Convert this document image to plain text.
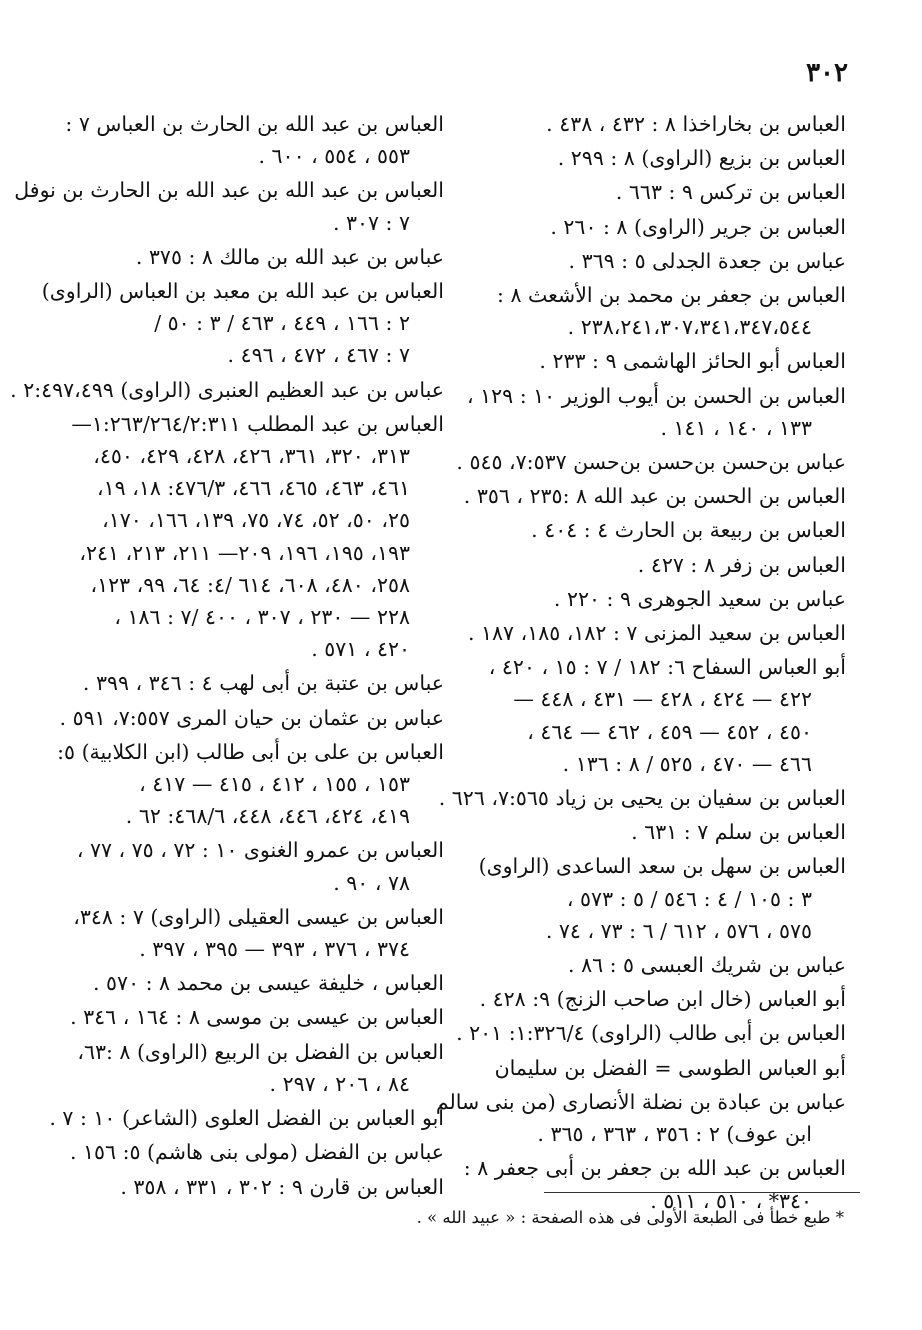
٣٠٢

العباس بن بخاراخذا ٨ : ٤٣٢ ، ٤٣٨ .

العباس بن بزيع (الراوى) ٨ : ٢٩٩ .

العباس بن تركس ٩ : ٦٦٣ .

العباس بن جرير (الراوى) ٨ : ٢٦٠ .

عباس بن جعدة الجدلى ٥ : ٣٦٩ .

العباس بن جعفر بن محمد بن الأشعث ٨ :
٢٣٨،٢٤١،٣٠٧،٣٤١،٣٤٧،٥٤٤ .

العباس أبو الحائز الهاشمى ٩ : ٢٣٣ .

العباس بن الحسن بن أيوب الوزير ١٠ : ١٢٩ ،
١٣٣ ، ١٤٠ ، ١٤١ .

عباس بن‌حسن بن‌حسن بن‌حسن ٧:٥٣٧، ٥٤٥ .

العباس بن الحسن بن عبد الله ٨ :٢٣٥ ، ٣٥٦ .

العباس بن ربيعة بن الحارث ٤ : ٤٠٤ .

العباس بن زفر ٨ : ٤٢٧ .

عباس بن سعيد الجوهرى ٩ : ٢٢٠ .

العباس بن سعيد المزنى ٧ : ١٨٢، ١٨٥، ١٨٧ .

أبو العباس السفاح ٦: ١٨٢ / ٧ : ١٥ ، ٤٢٠ ،
٤٢٢ — ٤٢٤ ، ٤٢٨ — ٤٣١ ، ٤٤٨ —
٤٥٠ ، ٤٥٢ — ٤٥٩ ، ٤٦٢ — ٤٦٤ ،
٤٦٦ — ٤٧٠ ، ٥٢٥ / ٨ : ١٣٦ .

العباس بن سفيان بن يحيى بن زياد ٧:٥٦٥، ٦٢٦ .

العباس بن سلم ٧ : ٦٣١ .

العباس بن سهل بن سعد الساعدى (الراوى)
٣ : ١٠٥ / ٤ : ٥٤٦ / ٥ : ٥٧٣ ،
٥٧٥ ، ٥٧٦ ، ٦١٢ / ٦ : ٧٣ ، ٧٤ .

عباس بن شريك العبسى ٥ : ٨٦ .

أبو العباس (خال ابن صاحب الزنج) ٩: ٤٢٨ .

العباس بن أبى طالب (الراوى) ١:٣٢٦/٤: ٢٠١ .

أبو العباس الطوسى = الفضل بن سليمان

عباس بن عبادة بن نضلة الأنصارى (من بنى سالم
ابن عوف) ٢ : ٣٥٦ ، ٣٦٣ ، ٣٦٥ .

العباس بن عبد الله بن جعفر بن أبى جعفر ٨ :
٣٤٠* ، ٥١٠ ، ٥١١ .

العباس بن عبد الله بن الحارث بن العباس ٧ :
٥٥٣ ، ٥٥٤ ، ٦٠٠ .

العباس بن عبد الله بن عبد الله بن الحارث بن نوفل
٧ : ٣٠٧ .

عباس بن عبد الله بن مالك ٨ : ٣٧٥ .

العباس بن عبد الله بن معبد بن العباس (الراوى)
٢ : ١٦٦ ، ٤٤٩ ، ٤٦٣ / ٣ : ٥٠ /
٧ : ٤٦٧ ، ٤٧٢ ، ٤٩٦ .

عباس بن عبد العظيم العنبرى (الراوى) ٢:٤٩٧،٤٩٩ .

العباس بن عبد المطلب ١:٢٦٣/٢٦٤/٢:٣١١—
٣١٣، ٣٢٠، ٣٦١، ٤٢٦، ٤٢٨، ٤٢٩، ٤٥٠،
٤٦١، ٤٦٣، ٤٦٥، ٤٦٦، ٤٧٦/٣: ١٨، ١٩،
٢٥، ٥٠، ٥٢، ٧٤، ٧٥، ١٣٩، ١٦٦، ١٧٠،
١٩٣، ١٩٥، ١٩٦، ٢٠٩— ٢١١، ٢١٣، ٢٤١،
٢٥٨، ٤٨٠، ٦٠٨، ٦١٤ /٤: ٦٤، ٩٩، ١٢٣،
٢٢٨ — ٢٣٠ ، ٣٠٧ ، ٤٠٠ /٧ : ١٨٦ ،
٤٢٠ ، ٥٧١ .

عباس بن عتبة بن أبى لهب ٤ : ٣٤٦ ، ٣٩٩ .

عباس بن عثمان بن حيان المرى ٧:٥٥٧، ٥٩١ .

العباس بن على بن أبى طالب (ابن الكلابية) ٥:
١٥٣ ، ١٥٥ ، ٤١٢ ، ٤١٥ — ٤١٧ ،
٤١٩، ٤٢٤، ٤٤٦، ٤٤٨، ٤٦٨/٦: ٦٢ .

العباس بن عمرو الغنوى ١٠ : ٧٢ ، ٧٥ ، ٧٧ ،
٧٨ ، ٩٠ .

العباس بن عيسى العقيلى (الراوى) ٧ : ٣٤٨،
٣٧٤ ، ٣٧٦ ، ٣٩٣ — ٣٩٥ ، ٣٩٧ .

العباس ، خليفة عيسى بن محمد ٨ : ٥٧٠ .

العباس بن عيسى بن موسى ٨ : ١٦٤ ، ٣٤٦ .

العباس بن الفضل بن الربيع (الراوى) ٨ :٦٣،
٨٤ ، ٢٠٦ ، ٢٩٧ .

أبو العباس بن الفضل العلوى (الشاعر) ١٠ : ٧ .

عباس بن الفضل (مولى بنى هاشم) ٥: ١٥٦ .

العباس بن قارن ٩ : ٣٠٢ ، ٣٣١ ، ٣٥٨ .

* طبع خطأ فى الطبعة الأولى فى هذه الصفحة : « عبيد الله » .
